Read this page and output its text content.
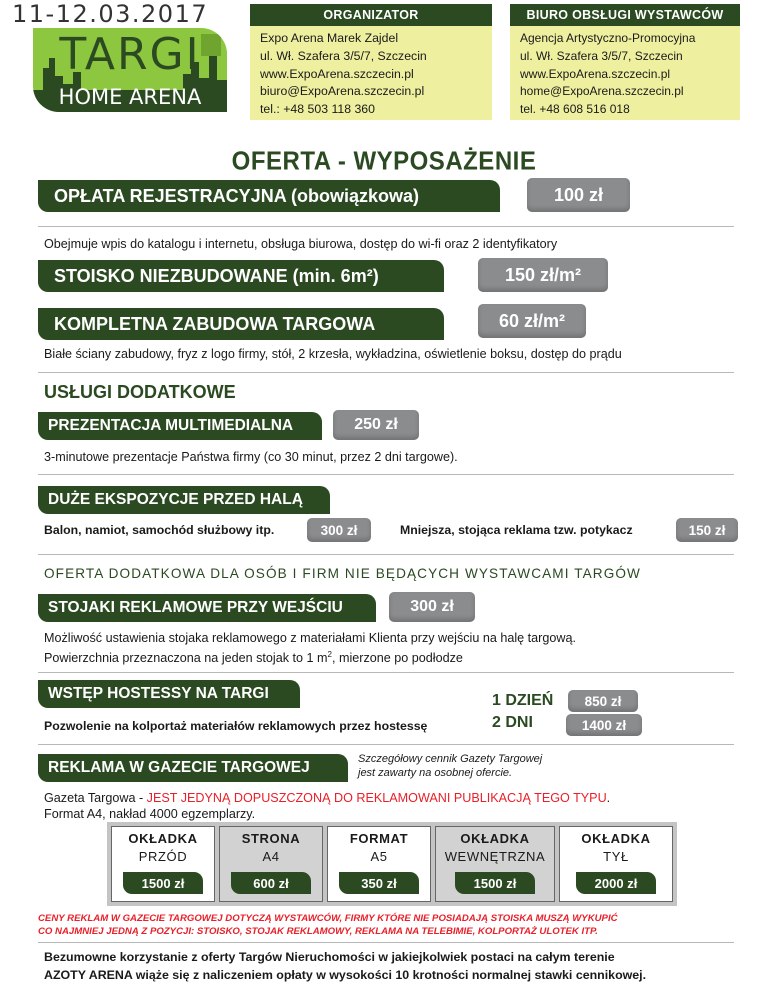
11-12.03.2017
TARGI
HOME ARENA
ORGANIZATOR
Expo Arena Marek Zajdel
ul. Wł. Szafera 3/5/7, Szczecin
www.ExpoArena.szczecin.pl
biuro@ExpoArena.szczecin.pl
tel.: +48 503 118 360
BIURO OBSŁUGI WYSTAWCÓW
Agencja Artystyczno-Promocyjna
ul. Wł. Szafera 3/5/7, Szczecin
www.ExpoArena.szczecin.pl
home@ExpoArena.szczecin.pl
tel. +48 608 516 018
OFERTA - WYPOSAŻENIE
OPŁATA REJESTRACYJNA (obowiązkowa)	100 zł
Obejmuje wpis do katalogu i internetu, obsługa biurowa, dostęp do wi-fi oraz 2 identyfikatory
STOISKO NIEZBUDOWANE (min. 6m²)	150 zł/m²
KOMPLETNA ZABUDOWA TARGOWA	60 zł/m²
Białe ściany zabudowy, fryz z logo firmy, stół, 2 krzesła, wykładzina, oświetlenie boksu, dostęp do prądu
USŁUGI DODATKOWE
PREZENTACJA MULTIMEDIALNA	250 zł
3-minutowe prezentacje Państwa firmy (co 30 minut, przez 2 dni targowe).
DUŻE EKSPOZYCJE PRZED HALĄ
Balon, namiot, samochód służbowy itp.	300 zł	Mniejsza, stojąca reklama tzw. potykacz	150 zł
OFERTA DODATKOWA DLA OSÓB I FIRM NIE BĘDĄCYCH WYSTAWCAMI TARGÓW
STOJAKI REKLAMOWE PRZY WEJŚCIU	300 zł
Możliwość ustawienia stojaka reklamowego z materiałami Klienta przy wejściu na halę targową.
Powierzchnia przeznaczona na jeden stojak to 1 $m^2$, mierzone po podłodze
WSTĘP HOSTESSY NA TARGI
Pozwolenie na kolportaż materiałów reklamowych przez hostessę
1 DZIEŃ	850 zł
2 DNI	1400 zł
REKLAMA W GAZECIE TARGOWEJ	Szczegółowy cennik Gazety Targowej
jest zawarty na osobnej ofercie.
Gazeta Targowa - JEST JEDYNĄ DOPUSZCZONĄ DO REKLAMOWANI PUBLIKACJĄ TEGO TYPU.
Format A4, nakład 4000 egzemplarzy.
OKŁADKA
PRZÓD
1500 zł
STRONA
A4
600 zł
FORMAT
A5
350 zł
OKŁADKA
WEWNĘTRZNA
1500 zł
OKŁADKA
TYŁ
2000 zł
CENY REKLAM W GAZECIE TARGOWEJ DOTYCZĄ WYSTAWCÓW, FIRMY KTÓRE NIE POSIADAJĄ STOISKA MUSZĄ WYKUPIĆ
CO NAJMNIEJ JEDNĄ Z POZYCJI: STOISKO, STOJAK REKLAMOWY, REKLAMA NA TELEBIMIE, KOLPORTAŻ ULOTEK ITP.
Bezumowne korzystanie z oferty Targów Nieruchomości w jakiejkolwiek postaci na całym terenie
AZOTY ARENA wiąże się z naliczeniem opłaty w wysokości 10 krotności normalnej stawki cennikowej.
